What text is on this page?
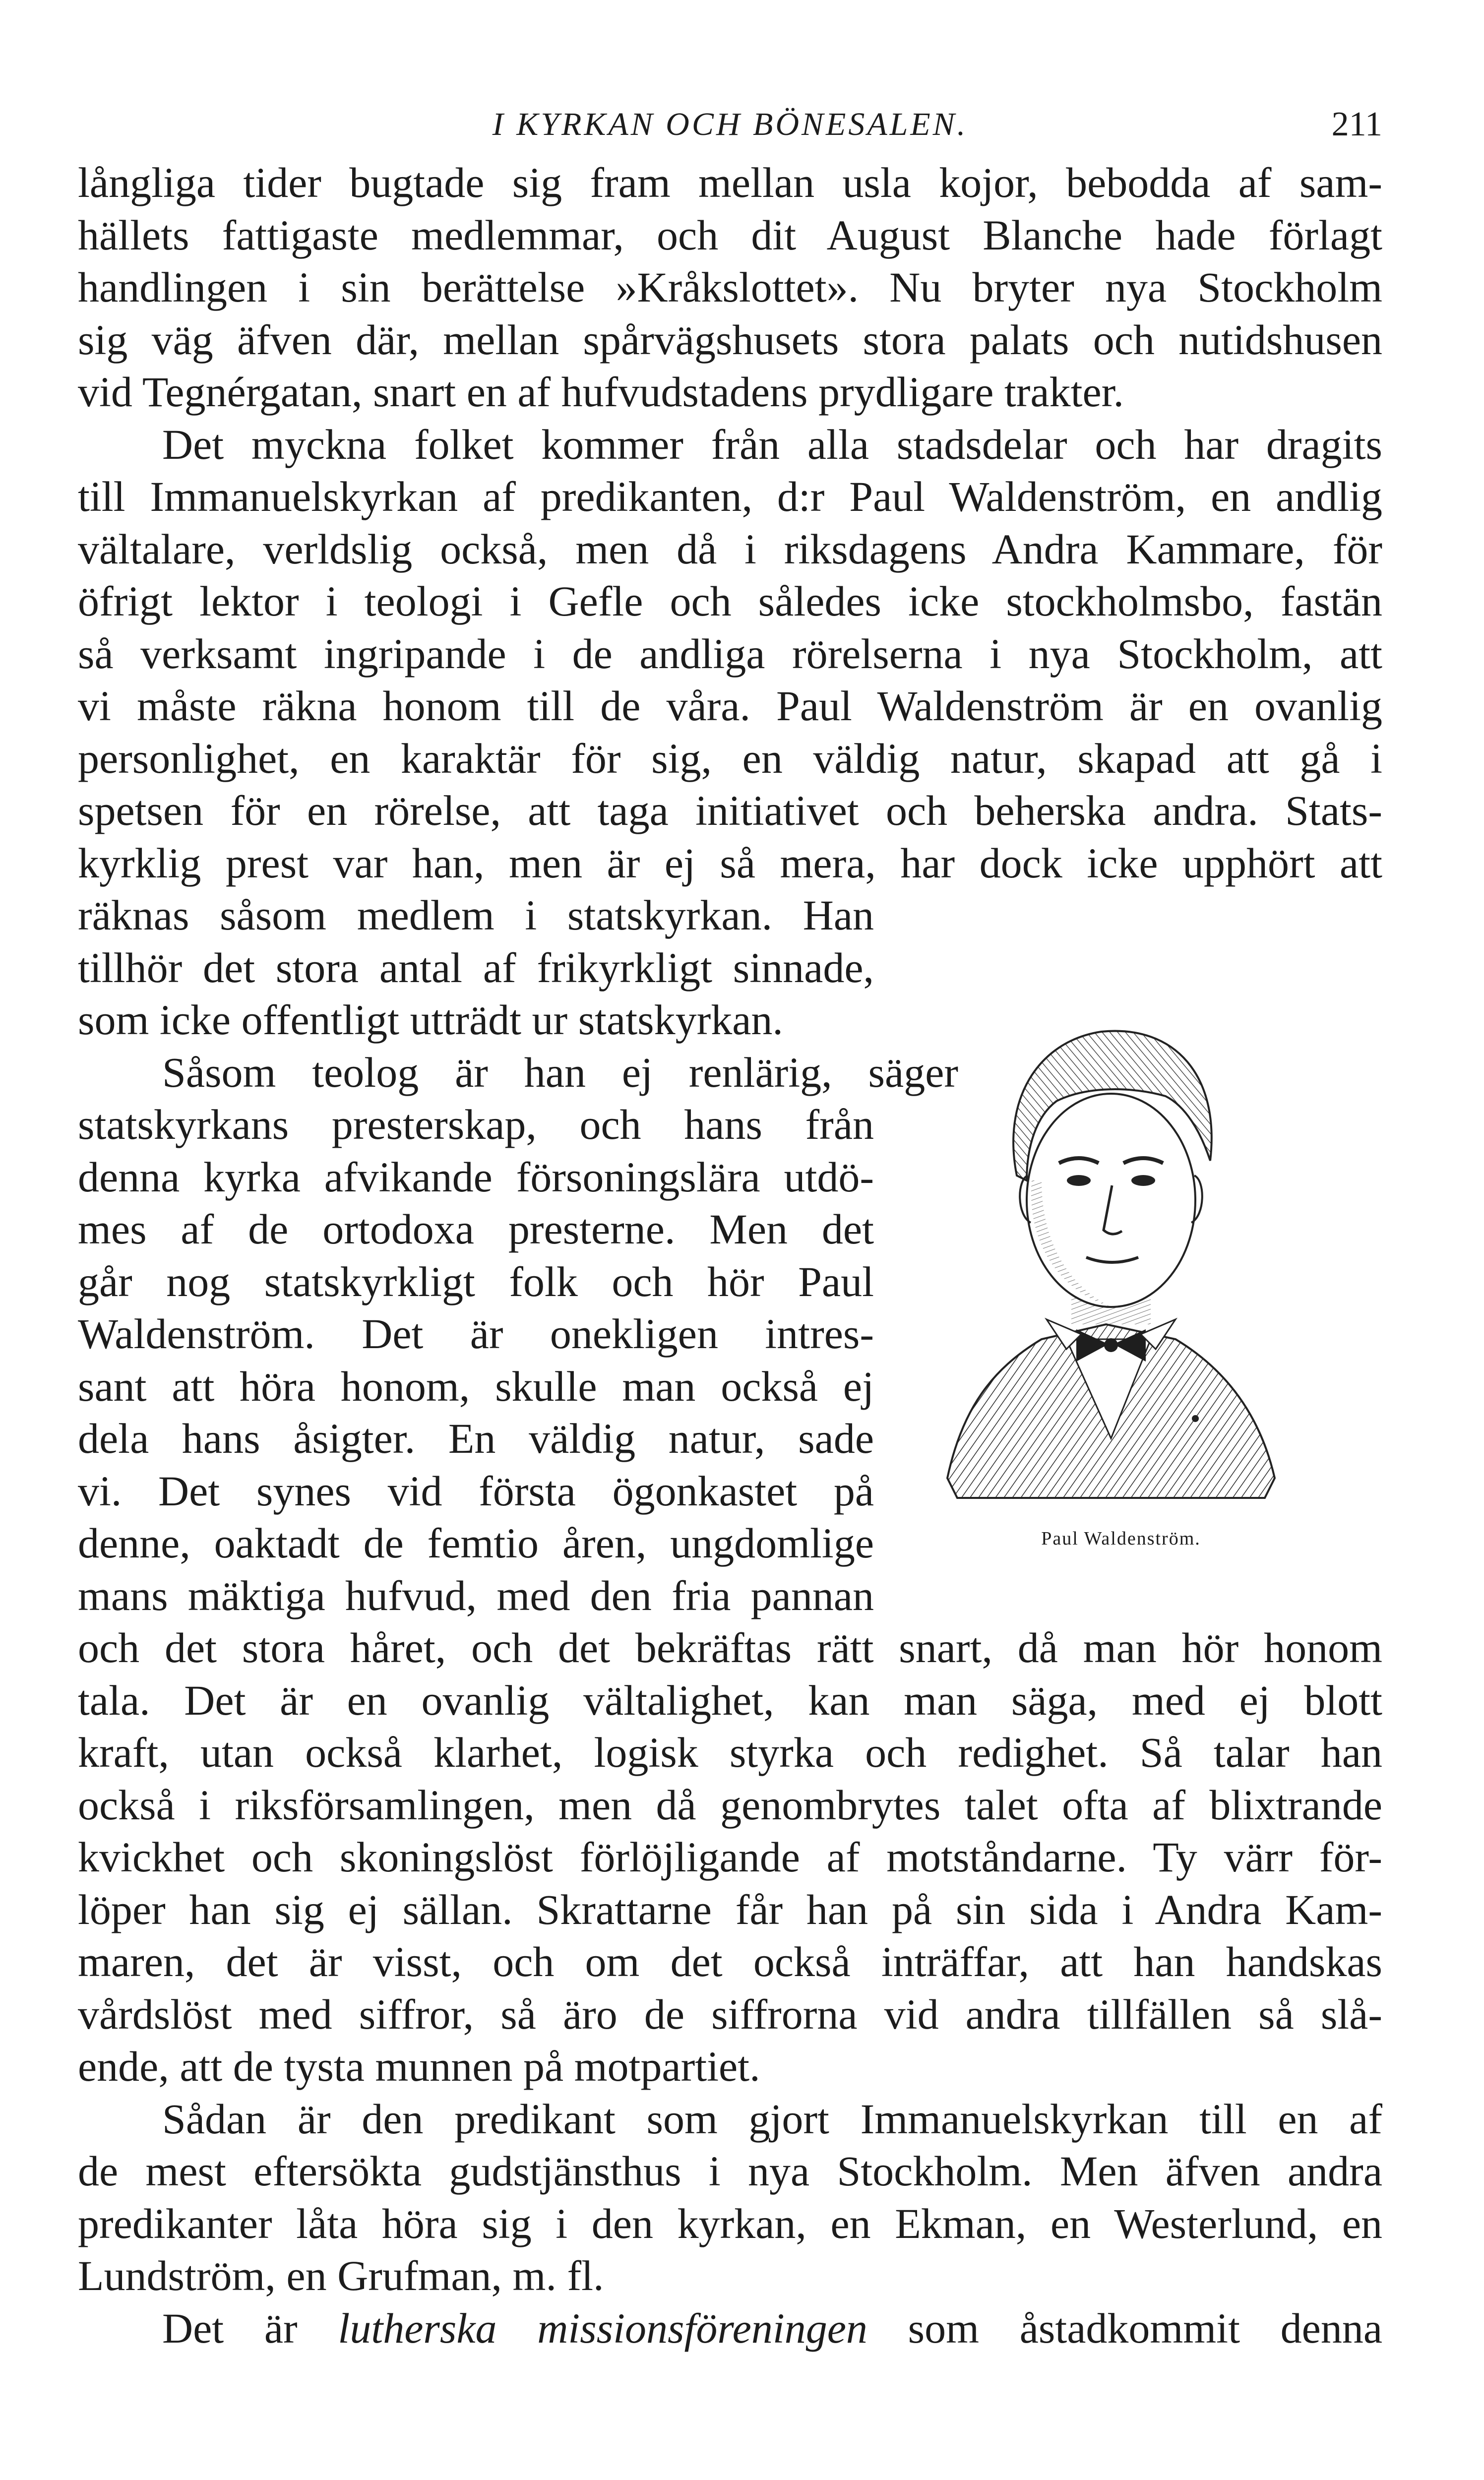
I KYRKAN OCH BÖNESALEN.	211
långliga tider bugtade sig fram mellan usla kojor, bebodda af sam-
hällets fattigaste medlemmar, och dit August Blanche hade förlagt
handlingen i sin berättelse »Kråkslottet». Nu bryter nya Stockholm
sig väg äfven där, mellan spårvägshusets stora palats och nutidshusen
vid Tegnérgatan, snart en af hufvudstadens prydligare trakter.
Det myckna folket kommer från alla stadsdelar och har dragits
till Immanuelskyrkan af predikanten, d:r Paul Waldenström, en andlig
vältalare, verldslig också, men då i riksdagens Andra Kammare, för
öfrigt lektor i teologi i Gefle och således icke stockholmsbo, fastän
så verksamt ingripande i de andliga rörelserna i nya Stockholm, att
vi måste räkna honom till de våra. Paul Waldenström är en ovanlig
personlighet, en karaktär för sig, en väldig natur, skapad att gå i
spetsen för en rörelse, att taga initiativet och beherska andra. Stats-
kyrklig prest var han, men är ej så mera, har dock icke upphört att
räknas såsom medlem i statskyrkan. Han
tillhör det stora antal af frikyrkligt sinnade,
som icke offentligt utträdt ur statskyrkan.
Såsom teolog är han ej renlärig, säger
statskyrkans presterskap, och hans från
denna kyrka afvikande försoningslära utdö-
mes af de ortodoxa presterne. Men det
går nog statskyrkligt folk och hör Paul
Waldenström. Det är onekligen intres-
sant att höra honom, skulle man också ej
dela hans åsigter. En väldig natur, sade
vi. Det synes vid första ögonkastet på
denne, oaktadt de femtio åren, ungdomlige
mans mäktiga hufvud, med den fria pannan
och det stora håret, och det bekräftas rätt snart, då man hör honom
tala. Det är en ovanlig vältalighet, kan man säga, med ej blott
kraft, utan också klarhet, logisk styrka och redighet. Så talar han
också i riksförsamlingen, men då genombrytes talet ofta af blixtrande
kvickhet och skoningslöst förlöjligande af motståndarne. Ty värr för-
löper han sig ej sällan. Skrattarne får han på sin sida i Andra Kam-
maren, det är visst, och om det också inträffar, att han handskas
vårdslöst med siffror, så äro de siffrorna vid andra tillfällen så slå-
ende, att de tysta munnen på motpartiet.
Sådan är den predikant som gjort Immanuelskyrkan till en af
de mest eftersökta gudstjänsthus i nya Stockholm. Men äfven andra
predikanter låta höra sig i den kyrkan, en Ekman, en Westerlund, en
Lundström, en Grufman, m. fl.
Det är lutherska missionsföreningen som åstadkommit denna
Paul Waldenström.
